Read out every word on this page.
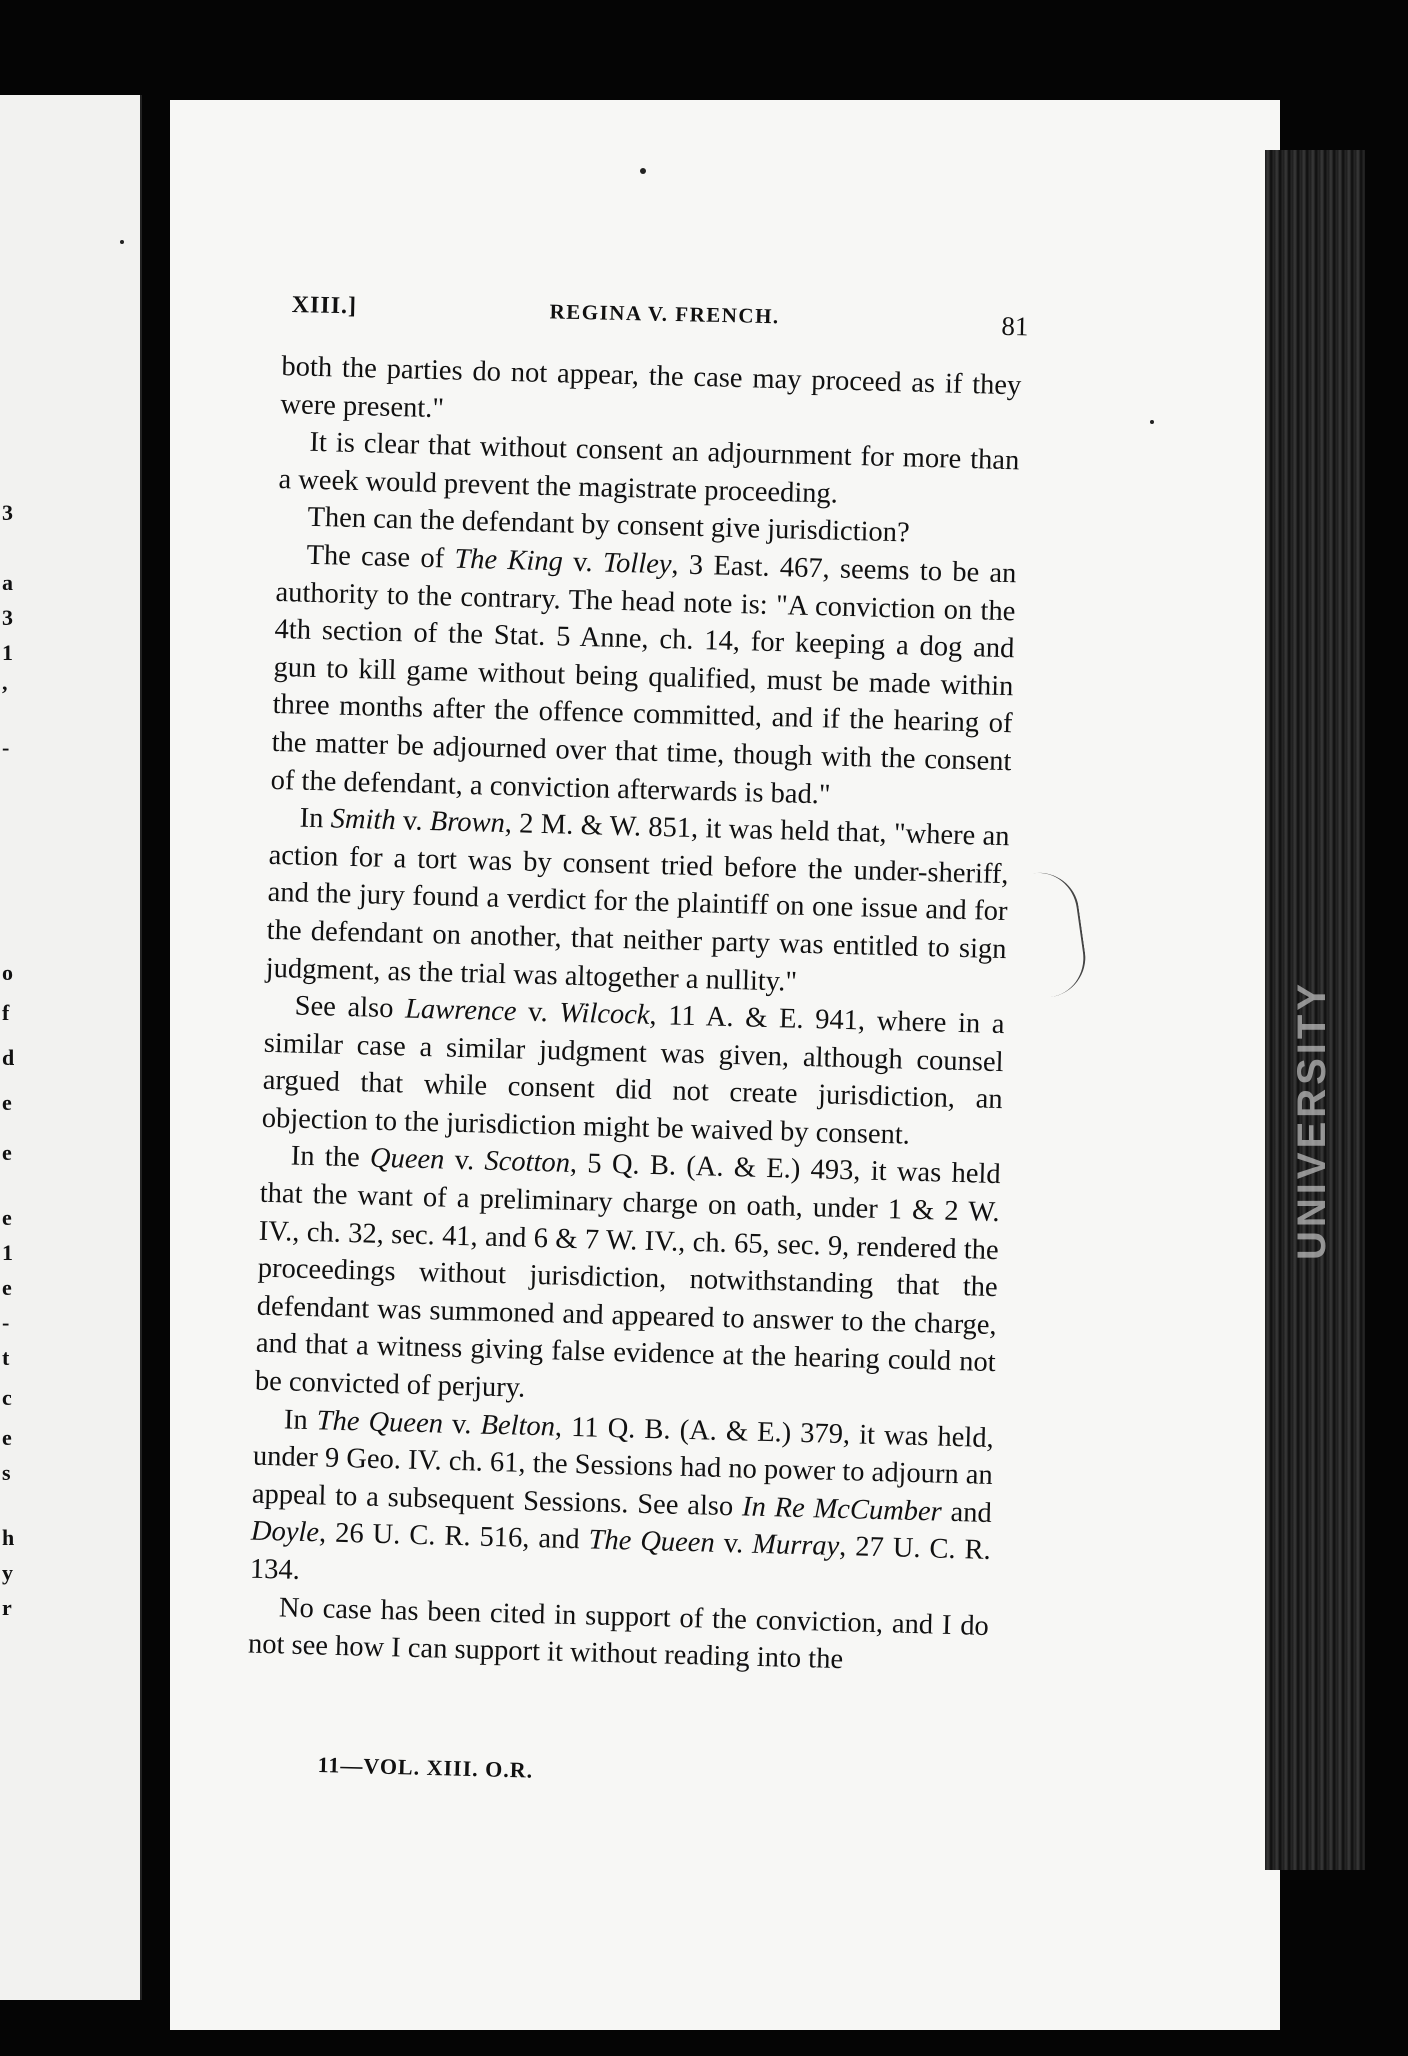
3
a
3
1
,
-
o
f
d
e
e
e
1
e
-
t
c
e
s
h
y
r
UNIVERSITY
XIII.]	REGINA V. FRENCH.	81

both the parties do not appear, the case may proceed as if they were present."

It is clear that without consent an adjournment for more than a week would prevent the magistrate proceeding.

Then can the defendant by consent give jurisdiction?

The case of The King v. Tolley, 3 East. 467, seems to be an authority to the contrary. The head note is: "A conviction on the 4th section of the Stat. 5 Anne, ch. 14, for keeping a dog and gun to kill game without being qualified, must be made within three months after the offence committed, and if the hearing of the matter be adjourned over that time, though with the consent of the defendant, a conviction afterwards is bad."

In Smith v. Brown, 2 M. & W. 851, it was held that, "where an action for a tort was by consent tried before the under-sheriff, and the jury found a verdict for the plaintiff on one issue and for the defendant on another, that neither party was entitled to sign judgment, as the trial was altogether a nullity."

See also Lawrence v. Wilcock, 11 A. & E. 941, where in a similar case a similar judgment was given, although counsel argued that while consent did not create jurisdiction, an objection to the jurisdiction might be waived by consent.

In the Queen v. Scotton, 5 Q. B. (A. & E.) 493, it was held that the want of a preliminary charge on oath, under 1 & 2 W. IV., ch. 32, sec. 41, and 6 & 7 W. IV., ch. 65, sec. 9, rendered the proceedings without jurisdiction, notwithstanding that the defendant was summoned and appeared to answer to the charge, and that a witness giving false evidence at the hearing could not be convicted of perjury.

In The Queen v. Belton, 11 Q. B. (A. & E.) 379, it was held, under 9 Geo. IV. ch. 61, the Sessions had no power to adjourn an appeal to a subsequent Sessions. See also In Re McCumber and Doyle, 26 U. C. R. 516, and The Queen v. Murray, 27 U. C. R. 134.

No case has been cited in support of the conviction, and I do not see how I can support it without reading into the

11—VOL. XIII. O.R.
